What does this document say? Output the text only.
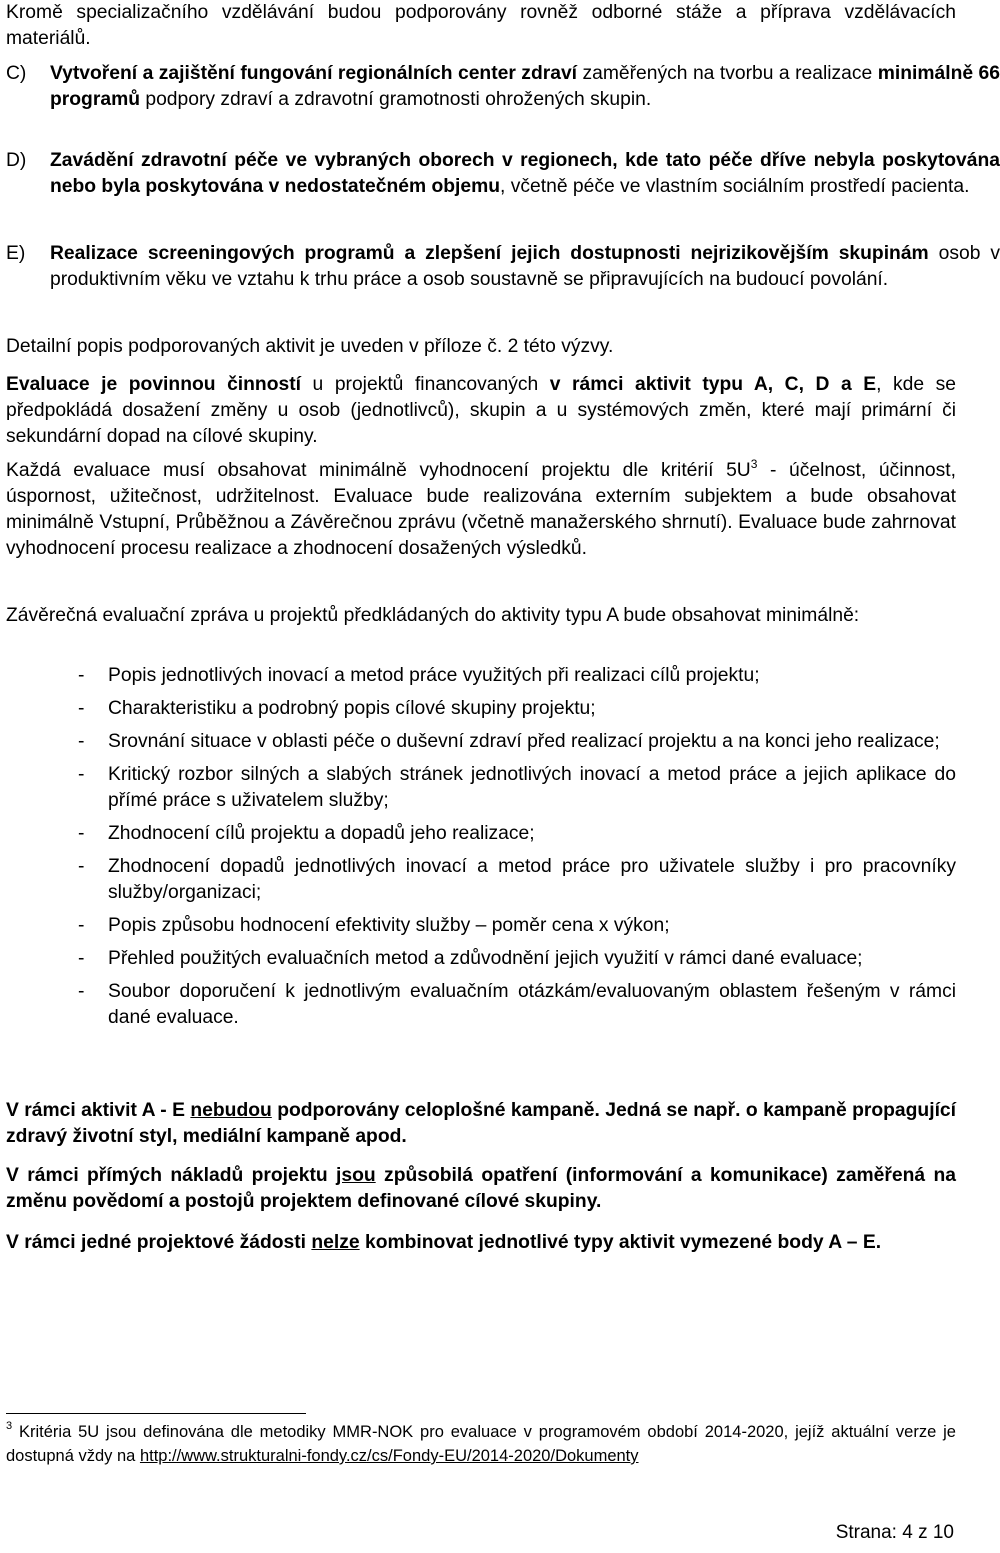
Kromě specializačního vzdělávání budou podporovány rovněž odborné stáže a příprava vzdělávacích materiálů.

C) Vytvoření a zajištění fungování regionálních center zdraví zaměřených na tvorbu a realizace minimálně 66 programů podpory zdraví a zdravotní gramotnosti ohrožených skupin.

D) Zavádění zdravotní péče ve vybraných oborech v regionech, kde tato péče dříve nebyla poskytována nebo byla poskytována v nedostatečném objemu, včetně péče ve vlastním sociálním prostředí pacienta.

E) Realizace screeningových programů a zlepšení jejich dostupnosti nejrizikovějším skupinám osob v produktivním věku ve vztahu k trhu práce a osob soustavně se připravujících na budoucí povolání.

Detailní popis podporovaných aktivit je uveden v příloze č. 2 této výzvy.

Evaluace je povinnou činností u projektů financovaných v rámci aktivit typu A, C, D a E, kde se předpokládá dosažení změny u osob (jednotlivců), skupin a u systémových změn, které mají primární či sekundární dopad na cílové skupiny.

Každá evaluace musí obsahovat minimálně vyhodnocení projektu dle kritérií 5U$^3$ - účelnost, účinnost, úspornost, užitečnost, udržitelnost. Evaluace bude realizována externím subjektem a bude obsahovat minimálně Vstupní, Průběžnou a Závěrečnou zprávu (včetně manažerského shrnutí). Evaluace bude zahrnovat vyhodnocení procesu realizace a zhodnocení dosažených výsledků.

Závěrečná evaluační zpráva u projektů předkládaných do aktivity typu A bude obsahovat minimálně:

- Popis jednotlivých inovací a metod práce využitých při realizaci cílů projektu;
- Charakteristiku a podrobný popis cílové skupiny projektu;
- Srovnání situace v oblasti péče o duševní zdraví před realizací projektu a na konci jeho realizace;
- Kritický rozbor silných a slabých stránek jednotlivých inovací a metod práce a jejich aplikace do přímé práce s uživatelem služby;
- Zhodnocení cílů projektu a dopadů jeho realizace;
- Zhodnocení dopadů jednotlivých inovací a metod práce pro uživatele služby i pro pracovníky služby/organizaci;
- Popis způsobu hodnocení efektivity služby – poměr cena x výkon;
- Přehled použitých evaluačních metod a zdůvodnění jejich využití v rámci dané evaluace;
- Soubor doporučení k jednotlivým evaluačním otázkám/evaluovaným oblastem řešeným v rámci dané evaluace.

V rámci aktivit A - E nebudou podporovány celoplošné kampaně. Jedná se např. o kampaně propagující zdravý životní styl, mediální kampaně apod.

V rámci přímých nákladů projektu jsou způsobilá opatření (informování a komunikace) zaměřená na změnu povědomí a postojů projektem definované cílové skupiny.

V rámci jedné projektové žádosti nelze kombinovat jednotlivé typy aktivit vymezené body A – E.

$^3$ Kritéria 5U jsou definována dle metodiky MMR-NOK pro evaluace v programovém období 2014-2020, jejíž aktuální verze je dostupná vždy na http://www.strukturalni-fondy.cz/cs/Fondy-EU/2014-2020/Dokumenty

Strana: 4 z 10
